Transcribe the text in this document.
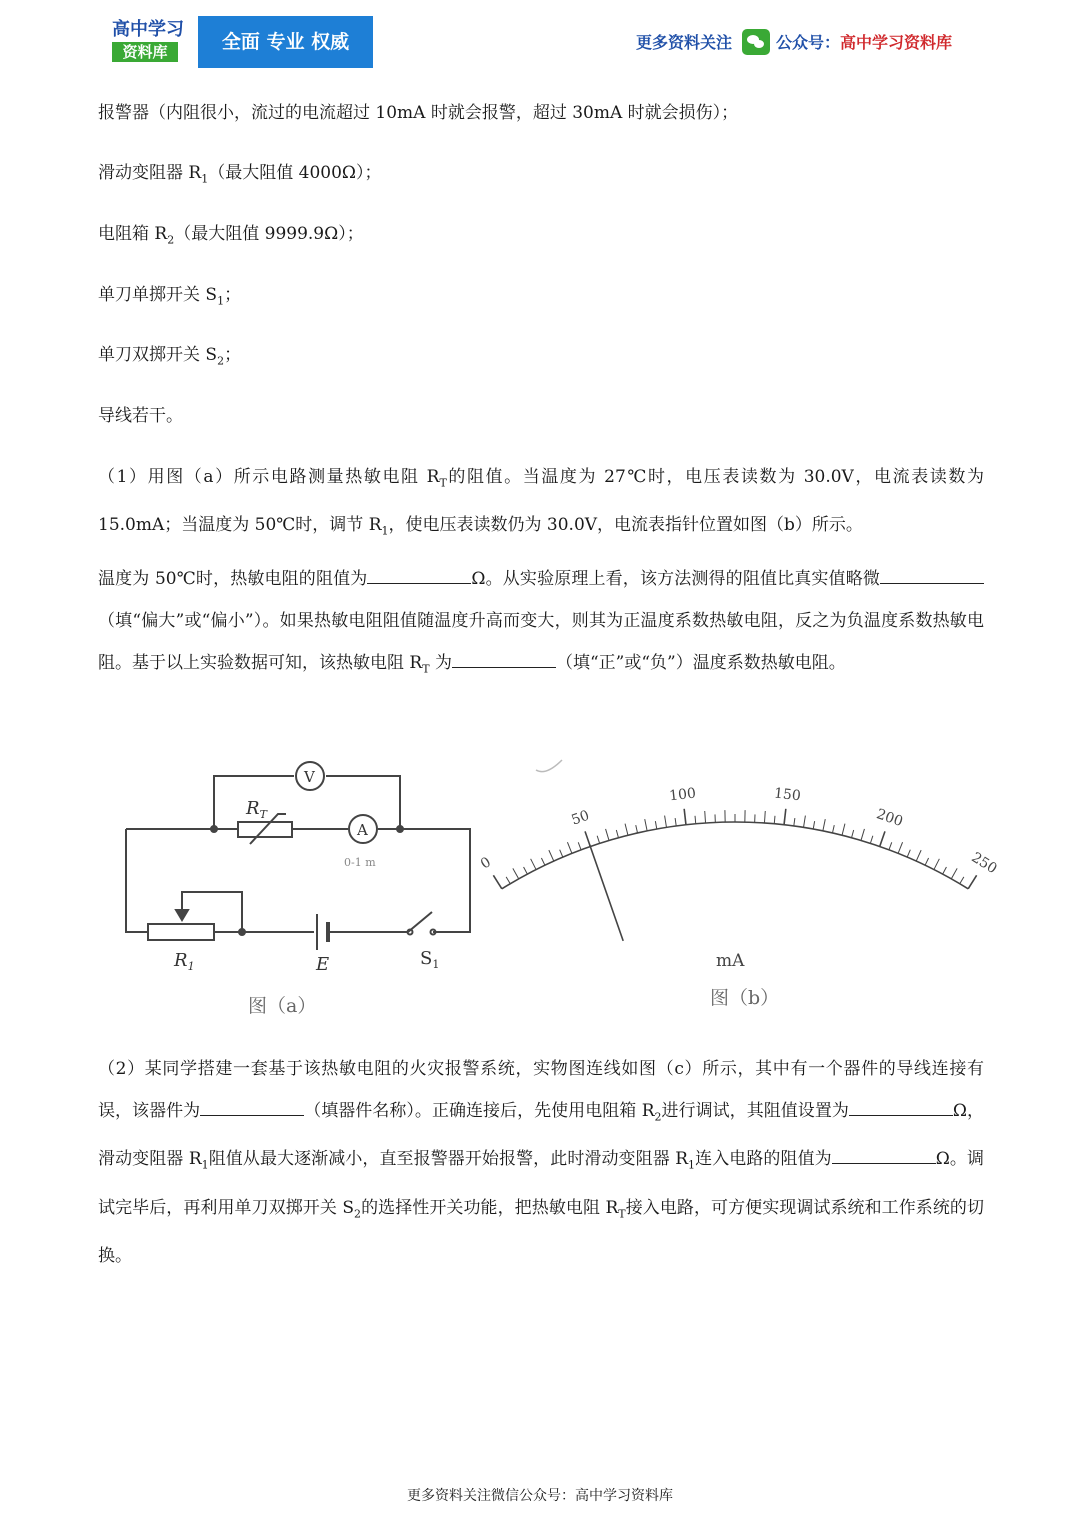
高中学习
资料库	全面 专业 权威	更多资料关注	公众号：高中学习资料库
报警器（内阻很小，流过的电流超过 10mA 时就会报警，超过 30mA 时就会损伤）；
滑动变阻器 $R_1$（最大阻值 4000Ω）；
电阻箱 $R_2$（最大阻值 9999.9Ω）；
单刀单掷开关 $S_1$；
单刀双掷开关 $S_2$；
导线若干。
（1）用图（a）所示电路测量热敏电阻 $R_T$的阻值。当温度为 27℃时，电压表读数为 30.0V，电流表读数为 15.0mA；当温度为 50℃时，调节 $R_1$，使电压表读数仍为 30.0V，电流表指针位置如图（b）所示。
温度为 50℃时，热敏电阻的阻值为	Ω。从实验原理上看，该方法测得的阻值比真实值略微（填“偏大”或“偏小”）。如果热敏电阻阻值随温度升高而变大，则其为正温度系数热敏电阻，反之为负温度系数热敏电阻。基于以上实验数据可知，该热敏电阻 $R_T$ 为	（填“正”或“负”）温度系数热敏电阻。
V
A
$R_T$
$R_1$	E	$S_1$
0-1 m
图（a）
0
50
100	150
200
250
mA
图（b）
（2）某同学搭建一套基于该热敏电阻的火灾报警系统，实物图连线如图（c）所示，其中有一个器件的导线连接有误，该器件为	（填器件名称）。正确连接后，先使用电阻箱 $R_2$进行调试，其阻值设置为	Ω，滑动变阻器 $R_1$阻值从最大逐渐减小，直至报警器开始报警，此时滑动变阻器 $R_1$连入电路的阻值为	Ω。调试完毕后，再利用单刀双掷开关 $S_2$的选择性开关功能，把热敏电阻 $R_T$接入电路，可方便实现调试系统和工作系统的切换。
更多资料关注微信公众号：高中学习资料库
